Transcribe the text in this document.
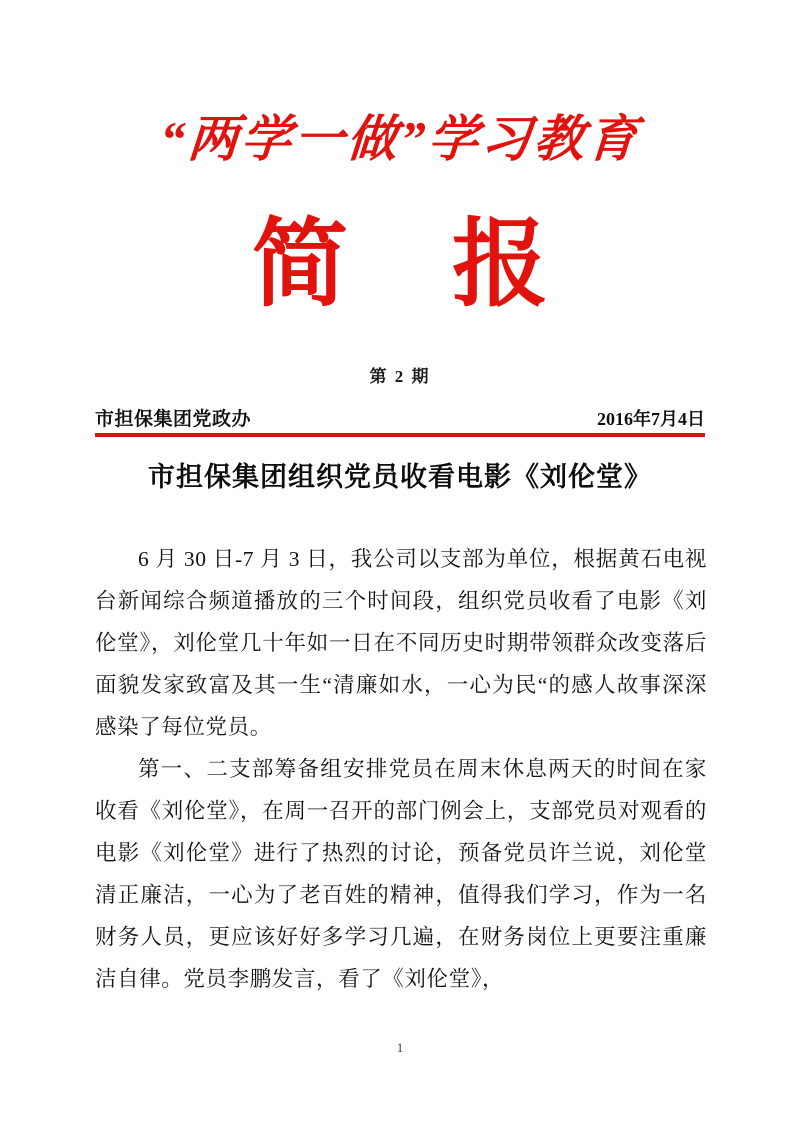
“两学一做”学习教育
简 报
第 2 期
市担保集团党政办	2016年7月4日
市担保集团组织党员收看电影《刘伦堂》

6 月 30 日-7 月 3 日，我公司以支部为单位，根据黄石电视台新闻综合频道播放的三个时间段，组织党员收看了电影《刘伦堂》，刘伦堂几十年如一日在不同历史时期带领群众改变落后面貌发家致富及其一生“清廉如水，一心为民“的感人故事深深感染了每位党员。

第一、二支部筹备组安排党员在周末休息两天的时间在家收看《刘伦堂》，在周一召开的部门例会上，支部党员对观看的电影《刘伦堂》进行了热烈的讨论，预备党员许兰说，刘伦堂清正廉洁，一心为了老百姓的精神，值得我们学习，作为一名财务人员，更应该好好多学习几遍，在财务岗位上更要注重廉洁自律。党员李鹏发言，看了《刘伦堂》，

1
